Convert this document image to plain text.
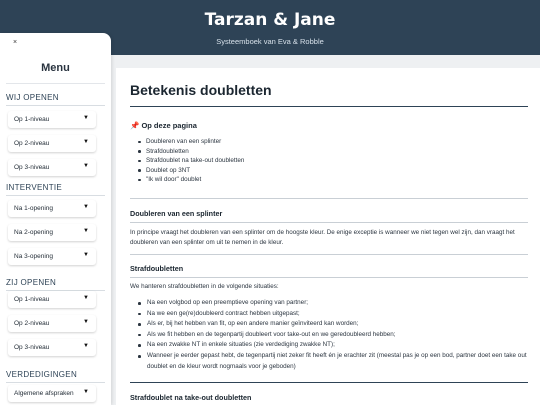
Tarzan & Jane
Systeemboek van Eva & Robble
×
Menu
WIJ OPENEN
Op 1-niveau	▼
Op 2-niveau	▼
Op 3-niveau	▼
INTERVENTIE
Na 1-opening	▼
Na 2-opening	▼
Na 3-opening	▼
ZIJ OPENEN
Op 1-niveau	▼
Op 2-niveau	▼
Op 3-niveau	▼
VERDEDIGINGEN
Algemene afspraken ▼
Betekenis doubletten
📌 Op deze pagina
Doubleren van een splinter
Strafdoubletten
Strafdoublet na take-out doubletten
Doublet op 3NT
"Ik wil door" doublet
Doubleren van een splinter
In principe vraagt het doubleren van een splinter om de hoogste kleur. De enige exceptie is wanneer we niet tegen wel zijn, dan vraagt het doubleren van een splinter om uit te nemen in de kleur.
Strafdoubletten
We hanteren strafdoubletten in de volgende situaties:
Na een volgbod op een preemptieve opening van partner;
Na we een ge(re)doubleerd contract hebben uitgepast;
Als er, bij het hebben van fit, op een andere manier geïnviteerd kan worden;
Als we fit hebben en de tegenpartij doubleert voor take-out en we geredoubleerd hebben;
Na een zwakke NT in enkele situaties (zie verdediging zwakke NT);
Wanneer je eerder gepast hebt, de tegenpartij niet zeker fit heeft én je erachter zit (meestal pas je op een bod, partner doet een take out doublet en de kleur wordt nogmaals voor je geboden)
Strafdoublet na take-out doubletten
